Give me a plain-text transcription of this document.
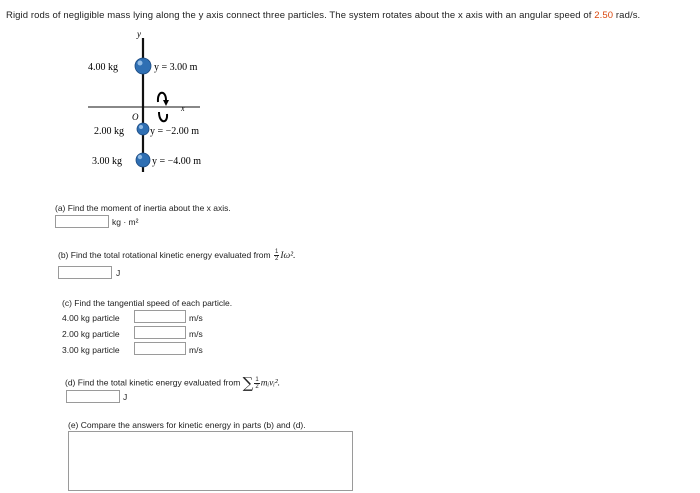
Rigid rods of negligible mass lying along the y axis connect three particles. The system rotates about the x axis with an angular speed of 2.50 rad/s.
y
x
O
4.00 kg	y = 3.00 m
2.00 kg	y = −2.00 m
3.00 kg	y = −4.00 m
(a) Find the moment of inertia about the x axis.
kg · m²
(b) Find the total rotational kinetic energy evaluated from $\frac{1}{2} I\omega^2$.
J
(c) Find the tangential speed of each particle.
4.00 kg particle	m/s
2.00 kg particle	m/s
3.00 kg particle	m/s
(d) Find the total kinetic energy evaluated from ∑ $\frac{1}{2}$ mᵢvᵢ².
J
(e) Compare the answers for kinetic energy in parts (b) and (d).
